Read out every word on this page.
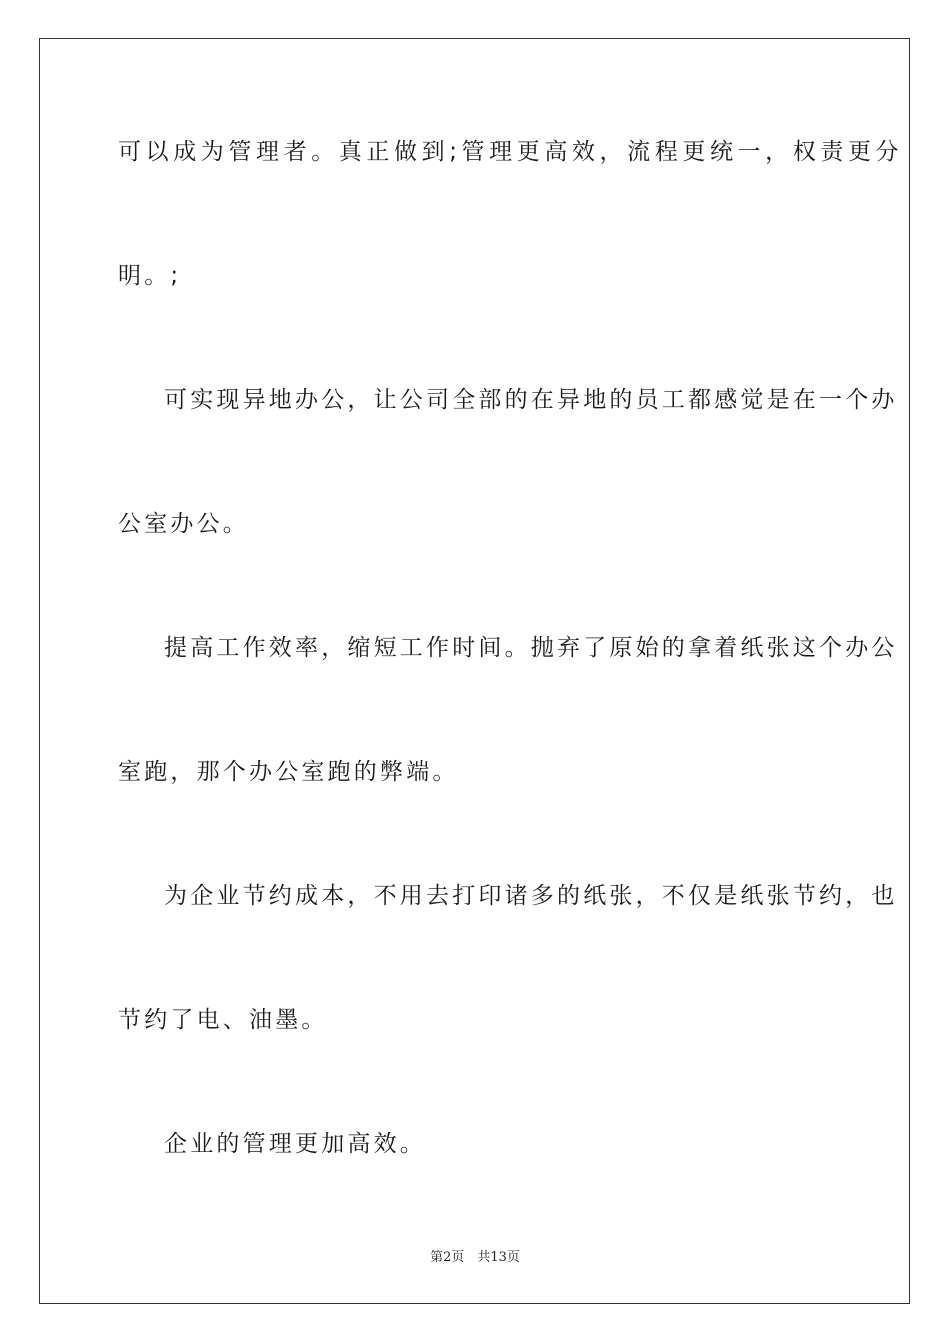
可以成为管理者。真正做到;管理更高效，流程更统一，权责更分
明。;
可实现异地办公，让公司全部的在异地的员工都感觉是在一个办
公室办公。
提高工作效率，缩短工作时间。抛弃了原始的拿着纸张这个办公
室跑，那个办公室跑的弊端。
为企业节约成本，不用去打印诸多的纸张，不仅是纸张节约，也
节约了电、油墨。
企业的管理更加高效。
第2页　共13页
